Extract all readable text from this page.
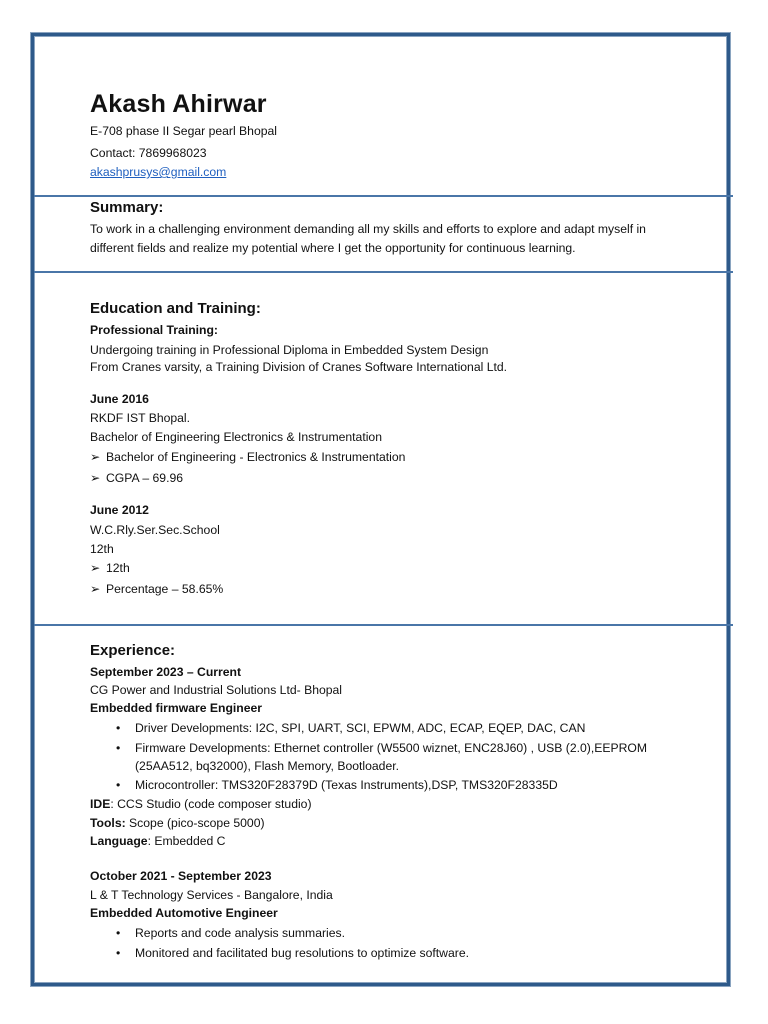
Akash Ahirwar
E-708 phase II Segar pearl Bhopal
Contact: 7869968023
akashprusys@gmail.com
Summary:
To work in a challenging environment demanding all my skills and efforts to explore and adapt myself in
different fields and realize my potential where I get the opportunity for continuous learning.
Education and Training:
Professional Training:
Undergoing training in Professional Diploma in Embedded System Design
From Cranes varsity, a Training Division of Cranes Software International Ltd.
June 2016
RKDF IST Bhopal.
Bachelor of Engineering Electronics & Instrumentation
➢ Bachelor of Engineering - Electronics & Instrumentation
➢ CGPA – 69.96
June 2012
W.C.Rly.Ser.Sec.School
12th
➢ 12th
➢ Percentage – 58.65%
Experience:
September 2023 – Current
CG Power and Industrial Solutions Ltd- Bhopal
Embedded firmware Engineer
• Driver Developments: I2C, SPI, UART, SCI, EPWM, ADC, ECAP, EQEP, DAC, CAN
• Firmware Developments: Ethernet controller (W5500 wiznet, ENC28J60) , USB (2.0),EEPROM
(25AA512, bq32000), Flash Memory, Bootloader.
• Microcontroller: TMS320F28379D (Texas Instruments),DSP, TMS320F28335D
IDE: CCS Studio (code composer studio)
Tools: Scope (pico-scope 5000)
Language: Embedded C
October 2021 - September 2023
L & T Technology Services - Bangalore, India
Embedded Automotive Engineer
• Reports and code analysis summaries.
• Monitored and facilitated bug resolutions to optimize software.
